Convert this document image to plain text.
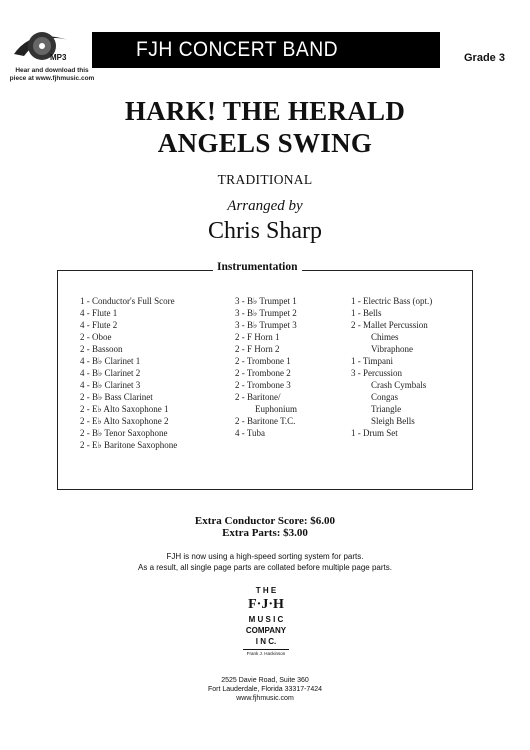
MP3
Hear and download this
piece at www.fjhmusic.com
FJH CONCERT BAND	Grade 3
HARK! THE HERALD
ANGELS SWING
TRADITIONAL
Arranged by
Chris Sharp
Instrumentation
1 - Conductor's Full Score
4 - Flute 1
4 - Flute 2
2 - Oboe
2 - Bassoon
4 - B♭ Clarinet 1
4 - B♭ Clarinet 2
4 - B♭ Clarinet 3
2 - B♭ Bass Clarinet
2 - E♭ Alto Saxophone 1
2 - E♭ Alto Saxophone 2
2 - B♭ Tenor Saxophone
2 - E♭ Baritone Saxophone
3 - B♭ Trumpet 1
3 - B♭ Trumpet 2
3 - B♭ Trumpet 3
2 - F Horn 1
2 - F Horn 2
2 - Trombone 1
2 - Trombone 2
2 - Trombone 3
2 - Baritone/
Euphonium
2 - Baritone T.C.
4 - Tuba
1 - Electric Bass (opt.)
1 - Bells
2 - Mallet Percussion
Chimes
Vibraphone
1 - Timpani
3 - Percussion
Crash Cymbals
Congas
Triangle
Sleigh Bells
1 - Drum Set
Extra Conductor Score: $6.00
Extra Parts: $3.00
FJH is now using a high-speed sorting system for parts.
As a result, all single page parts are collated before multiple page parts.
T H E
F·J·H
M U S I C
COMPANY
I N C.
Frank J. Hackinson
2525 Davie Road, Suite 360
Fort Lauderdale, Florida 33317-7424
www.fjhmusic.com
